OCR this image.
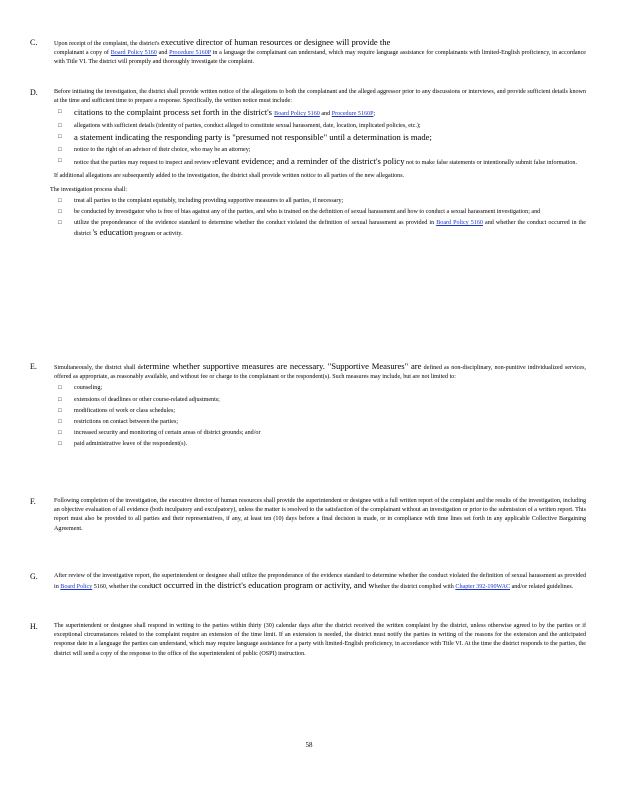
C.	Upon receipt of the complaint, the district's executive director of human resources or designee will provide the
complainant a copy of Board Policy 5160 and Procedure 5160P in a language the complainant can understand, which may require language assistance for complainants with limited-English proficiency, in accordance with Title VI. The district will promptly and thoroughly investigate the complaint.
D.	Before initiating the investigation, the district shall provide written notice of the allegations to both the complainant and the alleged aggressor prior to any discussions or interviews, and provide sufficient details known at the time and sufficient time to prepare a response. Specifically, the written notice must include:
□ citations to the complaint process set forth in the district's Board Policy 5160 and Procedure 5160P;
□ allegations with sufficient details (identity of parties, conduct alleged to constitute sexual harassment, date, location, implicated policies, etc.);
□ a statement indicating the responding party is "presumed not responsible" until a determination is made;
□ notice to the right of an advisor of their choice, who may be an attorney;
□ notice that the parties may request to inspect and review relevant evidence; and a reminder of the district's policy not to make false statements or intentionally submit false information.
If additional allegations are subsequently added to the investigation, the district shall provide written notice to all parties of the new allegations.
The investigation process shall:
□ treat all parties to the complaint equitably, including providing supportive measures to all parties, if necessary;
□ be conducted by investigator who is free of bias against any of the parties, and who is trained on the definition of sexual harassment and how to conduct a sexual harassment investigation; and
□ utilize the preponderance of the evidence standard to determine whether the conduct violated the definition of sexual harassment as provided in Board Policy 5160 and whether the conduct occurred in the district 's education program or activity.
E.	Simultaneously, the district shall determine whether supportive measures are necessary. "Supportive Measures" are defined as non-disciplinary, non-punitive individualized services, offered as appropriate, as reasonably available, and without fee or charge to the complainant or the respondent(s). Such measures may include, but are not limited to:
□ counseling;
□ extensions of deadlines or other course-related adjustments;
□ modifications of work or class schedules;
□ restrictions on contact between the parties;
□ increased security and monitoring of certain areas of district grounds; and/or
□ paid administrative leave of the respondent(s).
F.	Following completion of the investigation, the executive director of human resources shall provide the superintendent or designee with a full written report of the complaint and the results of the investigation, including an objective evaluation of all evidence (both inculpatory and exculpatory), unless the matter is resolved to the satisfaction of the complainant without an investigation or prior to the submission of a written report. This report must also be provided to all parties and their representatives, if any, at least ten (10) days before a final decision is made, or in compliance with time lines set forth in any applicable Collective Bargaining Agreement.
G.	After review of the investigative report, the superintendent or designee shall utilize the preponderance of the evidence standard to determine whether the conduct violated the definition of sexual harassment as provided in Board Policy 5160, whether the conduct occurred in the district's education program or activity, and whether the district complied with Chapter 392-190WAC and/or related guidelines.
H.	The superintendent or designee shall respond in writing to the parties within thirty (30) calendar days after the district received the written complaint by the district, unless otherwise agreed to by the parties or if exceptional circumstances related to the complaint require an extension of the time limit. If an extension is needed, the district must notify the parties in writing of the reasons for the extension and the anticipated response date in a language the parties can understand, which may require language assistance for a party with limited-English proficiency, in accordance with Title VI. At the time the district responds to the parties, the district will send a copy of the response to the office of the superintendent of public (OSPI) instruction.
58
